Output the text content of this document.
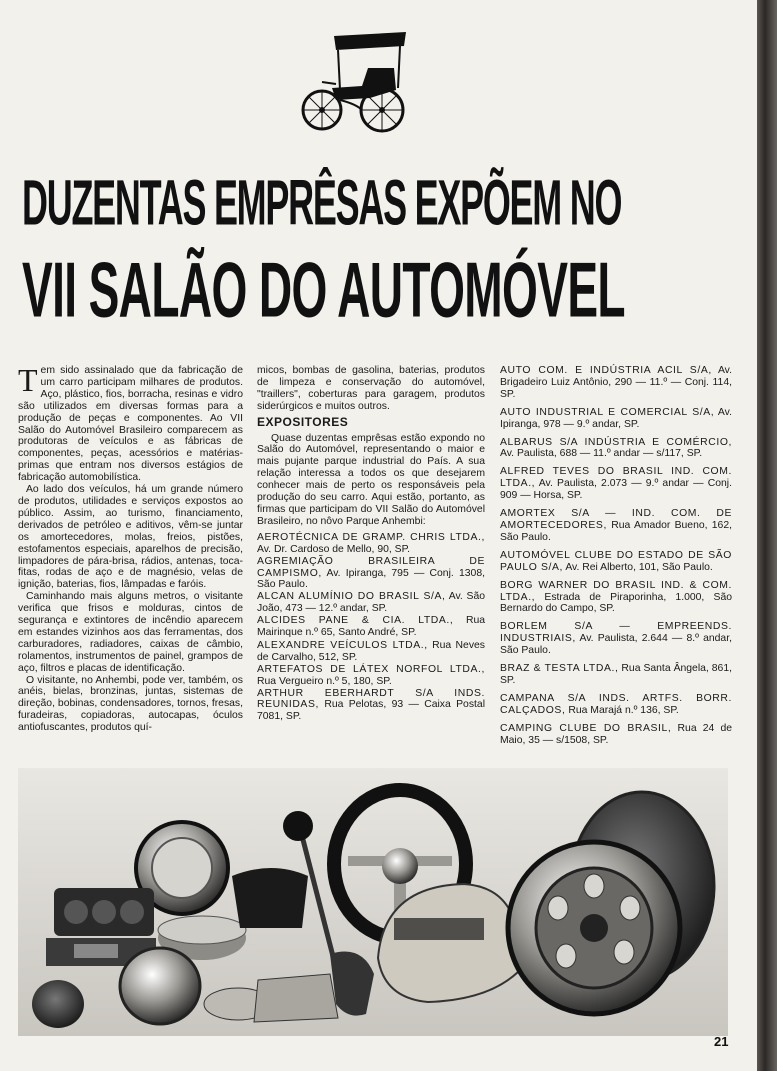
DUZENTAS EMPRÊSAS EXPÕEM NO
VII SALÃO DO AUTOMÓVEL

Tem sido assinalado que da fabricação de um carro participam milhares de produtos. Aço, plástico, fios, borracha, resinas e vidro são utilizados em diversas formas para a produção de peças e componentes. Ao VII Salão do Automóvel Brasileiro comparecem as produtoras de veículos e as fábricas de componentes, peças, acessórios e matérias-primas que entram nos diversos estágios de fabricação automobilística.

Ao lado dos veículos, há um grande número de produtos, utilidades e serviços expostos ao público. Assim, ao turismo, financiamento, derivados de petróleo e aditivos, vêm-se juntar os amortecedores, molas, freios, pistões, estofamentos especiais, aparelhos de precisão, limpadores de pára-brisa, rádios, antenas, toca-fitas, rodas de aço e de magnésio, velas de ignição, baterias, fios, lâmpadas e faróis.

Caminhando mais alguns metros, o visitante verifica que frisos e molduras, cintos de segurança e extintores de incêndio aparecem em estandes vizinhos aos das ferramentas, dos carburadores, radiadores, caixas de câmbio, rolamentos, instrumentos de painel, grampos de aço, filtros e placas de identificação.

O visitante, no Anhembi, pode ver, também, os anéis, bielas, bronzinas, juntas, sistemas de direção, bobinas, condensadores, tornos, fresas, furadeiras, copiadoras, autocapas, óculos antiofuscantes, produtos quí-

micos, bombas de gasolina, baterias, produtos de limpeza e conservação do automóvel, "traillers", coberturas para garagem, produtos siderúrgicos e muitos outros.

EXPOSITORES

Quase duzentas emprêsas estão expondo no Salão do Automóvel, representando o maior e mais pujante parque industrial do País. A sua relação interessa a todos os que desejarem conhecer mais de perto os responsáveis pela produção do seu carro. Aqui estão, portanto, as firmas que participam do VII Salão do Automóvel Brasileiro, no nôvo Parque Anhembi:

AEROTÉCNICA DE GRAMP. CHRIS LTDA., Av. Dr. Cardoso de Mello, 90, SP.

AGREMIAÇÃO BRASILEIRA DE CAMPISMO, Av. Ipiranga, 795 — Conj. 1308, São Paulo.

ALCAN ALUMÍNIO DO BRASIL S/A, Av. São João, 473 — 12.º andar, SP.

ALCIDES PANE & CIA. LTDA., Rua Mairinque n.º 65, Santo André, SP.

ALEXANDRE VEÍCULOS LTDA., Rua Neves de Carvalho, 512, SP.

ARTEFATOS DE LÁTEX NORFOL LTDA., Rua Vergueiro n.º 5, 180, SP.

ARTHUR EBERHARDT S/A INDS. REUNIDAS, Rua Pelotas, 93 — Caixa Postal 7081, SP.

AUTO COM. E INDÚSTRIA ACIL S/A, Av. Brigadeiro Luiz Antônio, 290 — 11.º — Conj. 114, SP.

AUTO INDUSTRIAL E COMERCIAL S/A, Av. Ipiranga, 978 — 9.º andar, SP.

ALBARUS S/A INDÚSTRIA E COMÉRCIO, Av. Paulista, 688 — 11.º andar — s/117, SP.

ALFRED TEVES DO BRASIL IND. COM. LTDA., Av. Paulista, 2.073 — 9.º andar — Conj. 909 — Horsa, SP.

AMORTEX S/A — IND. COM. DE AMORTECEDORES, Rua Amador Bueno, 162, São Paulo.

AUTOMÓVEL CLUBE DO ESTADO DE SÃO PAULO S/A, Av. Rei Alberto, 101, São Paulo.

BORG WARNER DO BRASIL IND. & COM. LTDA., Estrada de Piraporinha, 1.000, São Bernardo do Campo, SP.

BORLEM S/A — EMPREENDS. INDUSTRIAIS, Av. Paulista, 2.644 — 8.º andar, São Paulo.

BRAZ & TESTA LTDA., Rua Santa Ângela, 861, SP.

CAMPANA S/A INDS. ARTFS. BORR. CALÇADOS, Rua Marajá n.º 136, SP.

CAMPING CLUBE DO BRASIL, Rua 24 de Maio, 35 — s/1508, SP.

21
